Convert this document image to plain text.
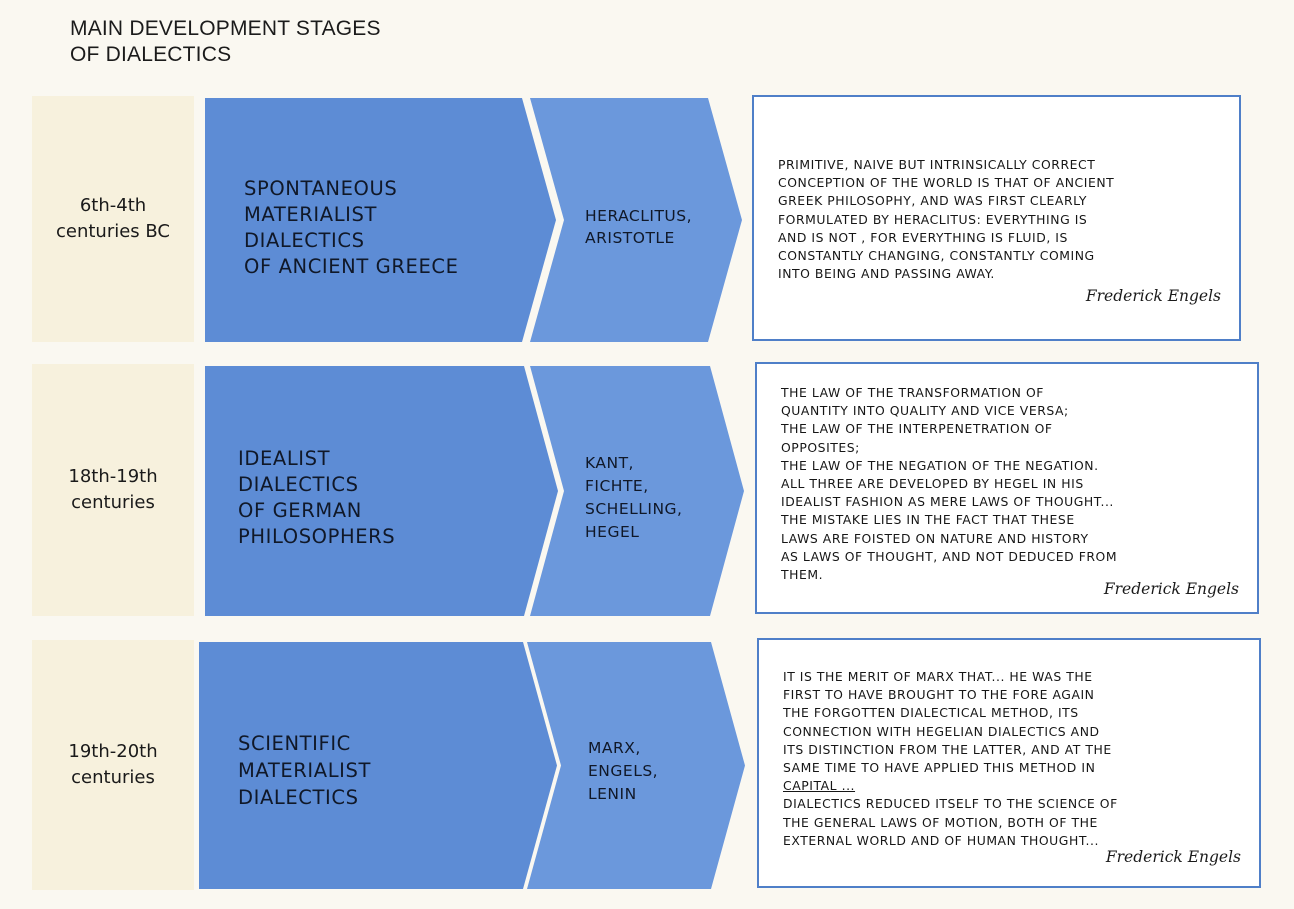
MAIN DEVELOPMENT STAGES
OF DIALECTICS
6th-4th
centuries BC
SPONTANEOUS
MATERIALIST
DIALECTICS
OF ANCIENT GREECE
HERACLITUS,
ARISTOTLE
PRIMITIVE, NAIVE BUT INTRINSICALLY CORRECT
CONCEPTION OF THE WORLD IS THAT OF ANCIENT
GREEK PHILOSOPHY, AND WAS FIRST CLEARLY
FORMULATED BY HERACLITUS: EVERYTHING IS
AND IS NOT , FOR EVERYTHING IS FLUID, IS
CONSTANTLY CHANGING, CONSTANTLY COMING
INTO BEING AND PASSING AWAY.
Frederick Engels
18th-19th
centuries
IDEALIST
DIALECTICS
OF GERMAN
PHILOSOPHERS
KANT,
FICHTE,
SCHELLING,
HEGEL
THE LAW OF THE TRANSFORMATION OF
QUANTITY INTO QUALITY AND VICE VERSA;
THE LAW OF THE INTERPENETRATION OF
OPPOSITES;
THE LAW OF THE NEGATION OF THE NEGATION.
ALL THREE ARE DEVELOPED BY HEGEL IN HIS
IDEALIST FASHION AS MERE LAWS OF THOUGHT...
THE MISTAKE LIES IN THE FACT THAT THESE
LAWS ARE FOISTED ON NATURE AND HISTORY
AS LAWS OF THOUGHT, AND NOT DEDUCED FROM
THEM.
Frederick Engels
19th-20th
centuries
SCIENTIFIC
MATERIALIST
DIALECTICS
MARX,
ENGELS,
LENIN
IT IS THE MERIT OF MARX THAT... HE WAS THE
FIRST TO HAVE BROUGHT TO THE FORE AGAIN
THE FORGOTTEN DIALECTICAL METHOD, ITS
CONNECTION WITH HEGELIAN DIALECTICS AND
ITS DISTINCTION FROM THE LATTER, AND AT THE
SAME TIME TO HAVE APPLIED THIS METHOD IN
CAPITAL ...
DIALECTICS REDUCED ITSELF TO THE SCIENCE OF
THE GENERAL LAWS OF MOTION, BOTH OF THE
EXTERNAL WORLD AND OF HUMAN THOUGHT...
Frederick Engels
